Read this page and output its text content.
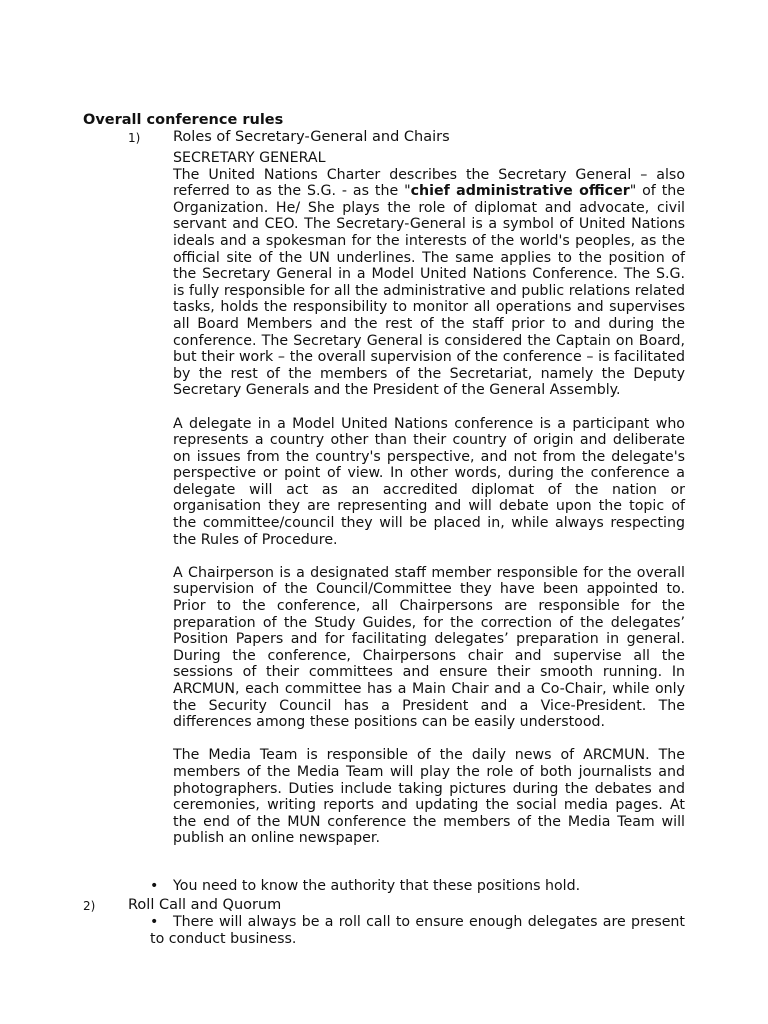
Overall conference rules
1) Roles of Secretary-General and Chairs

SECRETARY GENERAL

The United Nations Charter describes the Secretary General – also referred to as the S.G. - as the "chief administrative officer" of the Organization. He/ She plays the role of diplomat and advocate, civil servant and CEO. The Secretary-General is a symbol of United Nations ideals and a spokesman for the interests of the world's peoples, as the official site of the UN underlines. The same applies to the position of the Secretary General in a Model United Nations Conference. The S.G. is fully responsible for all the administrative and public relations related tasks, holds the responsibility to monitor all operations and supervises all Board Members and the rest of the staff prior to and during the conference. The Secretary General is considered the Captain on Board, but their work – the overall supervision of the conference – is facilitated by the rest of the members of the Secretariat, namely the Deputy Secretary Generals and the President of the General Assembly.

A delegate in a Model United Nations conference is a participant who represents a country other than their country of origin and deliberate on issues from the country's perspective, and not from the delegate's perspective or point of view. In other words, during the conference a delegate will act as an accredited diplomat of the nation or organisation they are representing and will debate upon the topic of the committee/council they will be placed in, while always respecting the Rules of Procedure.

A Chairperson is a designated staff member responsible for the overall supervision of the Council/Committee they have been appointed to. Prior to the conference, all Chairpersons are responsible for the preparation of the Study Guides, for the correction of the delegates’ Position Papers and for facilitating delegates’ preparation in general. During the conference, Chairpersons chair and supervise all the sessions of their committees and ensure their smooth running. In ARCMUN, each committee has a Main Chair and a Co-Chair, while only the Security Council has a President and a Vice-President. The differences among these positions can be easily understood.

The Media Team is responsible of the daily news of ARCMUN. The members of the Media Team will play the role of both journalists and photographers. Duties include taking pictures during the debates and ceremonies, writing reports and updating the social media pages. At the end of the MUN conference the members of the Media Team will publish an online newspaper.

• You need to know the authority that these positions hold.
2) Roll Call and Quorum
• There will always be a roll call to ensure enough delegates are present to conduct business.
